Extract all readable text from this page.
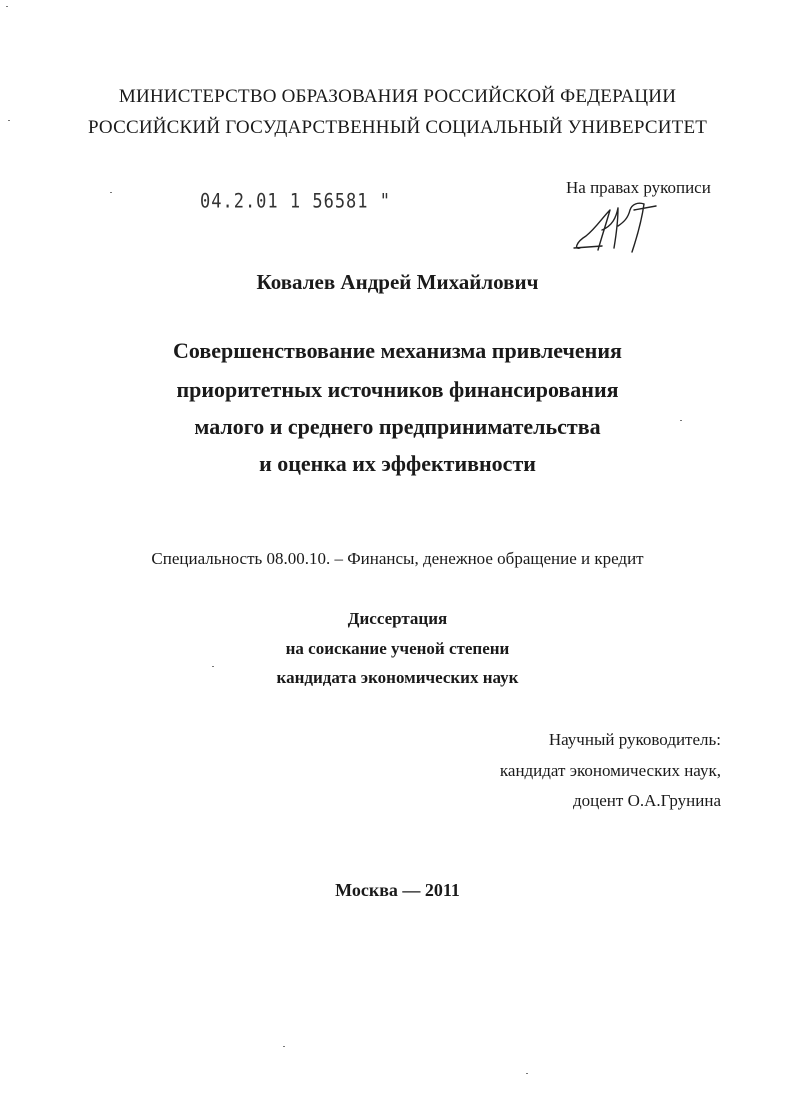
МИНИСТЕРСТВО ОБРАЗОВАНИЯ РОССИЙСКОЙ ФЕДЕРАЦИИ
РОССИЙСКИЙ ГОСУДАРСТВЕННЫЙ СОЦИАЛЬНЫЙ УНИВЕРСИТЕТ
04.2.01 1 56581 "
На правах рукописи
Ковалев Андрей Михайлович
Совершенствование механизма привлечения
приоритетных источников финансирования
малого и среднего предпринимательства
и оценка их эффективности
Специальность 08.00.10. – Финансы, денежное обращение и кредит
Диссертация
на соискание ученой степени
кандидата экономических наук
Научный руководитель:
кандидат экономических наук,
доцент О.А.Грунина
Москва — 2011
